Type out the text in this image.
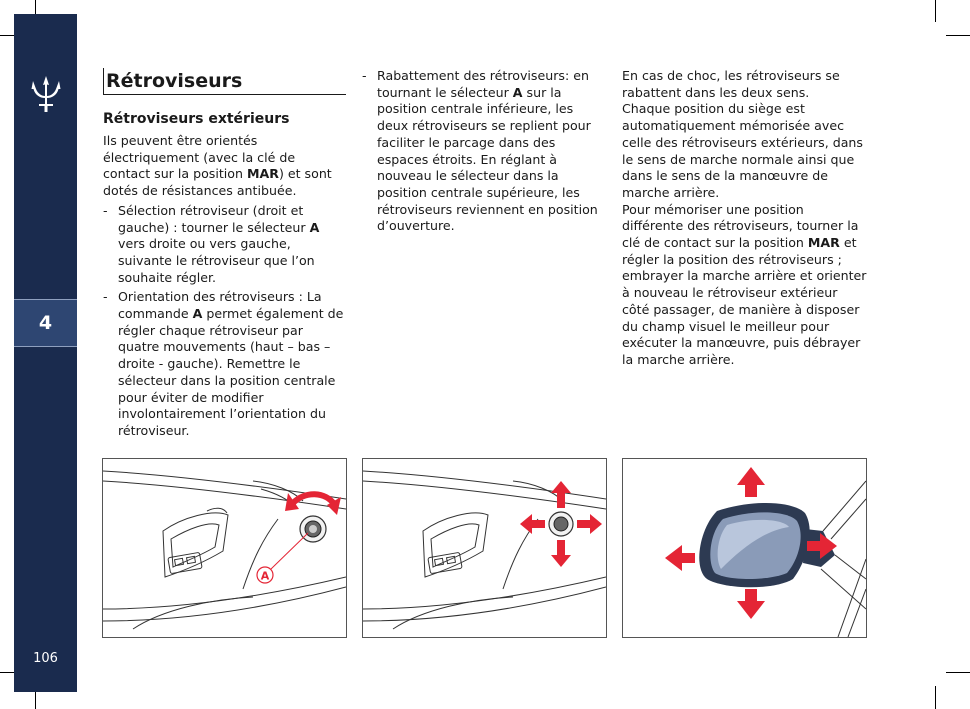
4
106
Rétroviseurs
Rétroviseurs extérieurs

Ils peuvent être orientés électriquement (avec la clé de contact sur la position MAR) et sont dotés de résistances antibuée.

- Sélection rétroviseur (droit et gauche) : tourner le sélecteur A vers droite ou vers gauche, suivante le rétroviseur que l’on souhaite régler.
- Orientation des rétroviseurs : La commande A permet également de régler chaque rétroviseur par quatre mouvements (haut – bas – droite - gauche). Remettre le sélecteur dans la position centrale pour éviter de modifier involontairement l’orientation du rétroviseur.
- Rabattement des rétroviseurs: en tournant le sélecteur A sur la position centrale inférieure, les deux rétroviseurs se replient pour faciliter le parcage dans des espaces étroits. En réglant à nouveau le sélecteur dans la position centrale supérieure, les rétroviseurs reviennent en position d’ouverture.

En cas de choc, les rétroviseurs se rabattent dans les deux sens.

Chaque position du siège est automatiquement mémorisée avec celle des rétroviseurs extérieurs, dans le sens de marche normale ainsi que dans le sens de la manœuvre de marche arrière.

Pour mémoriser une position différente des rétroviseurs, tourner la clé de contact sur la position MAR et régler la position des rétroviseurs ; embrayer la marche arrière et orienter à nouveau le rétroviseur extérieur côté passager, de manière à disposer du champ visuel le meilleur pour exécuter la manœuvre, puis débrayer la marche arrière.

A
